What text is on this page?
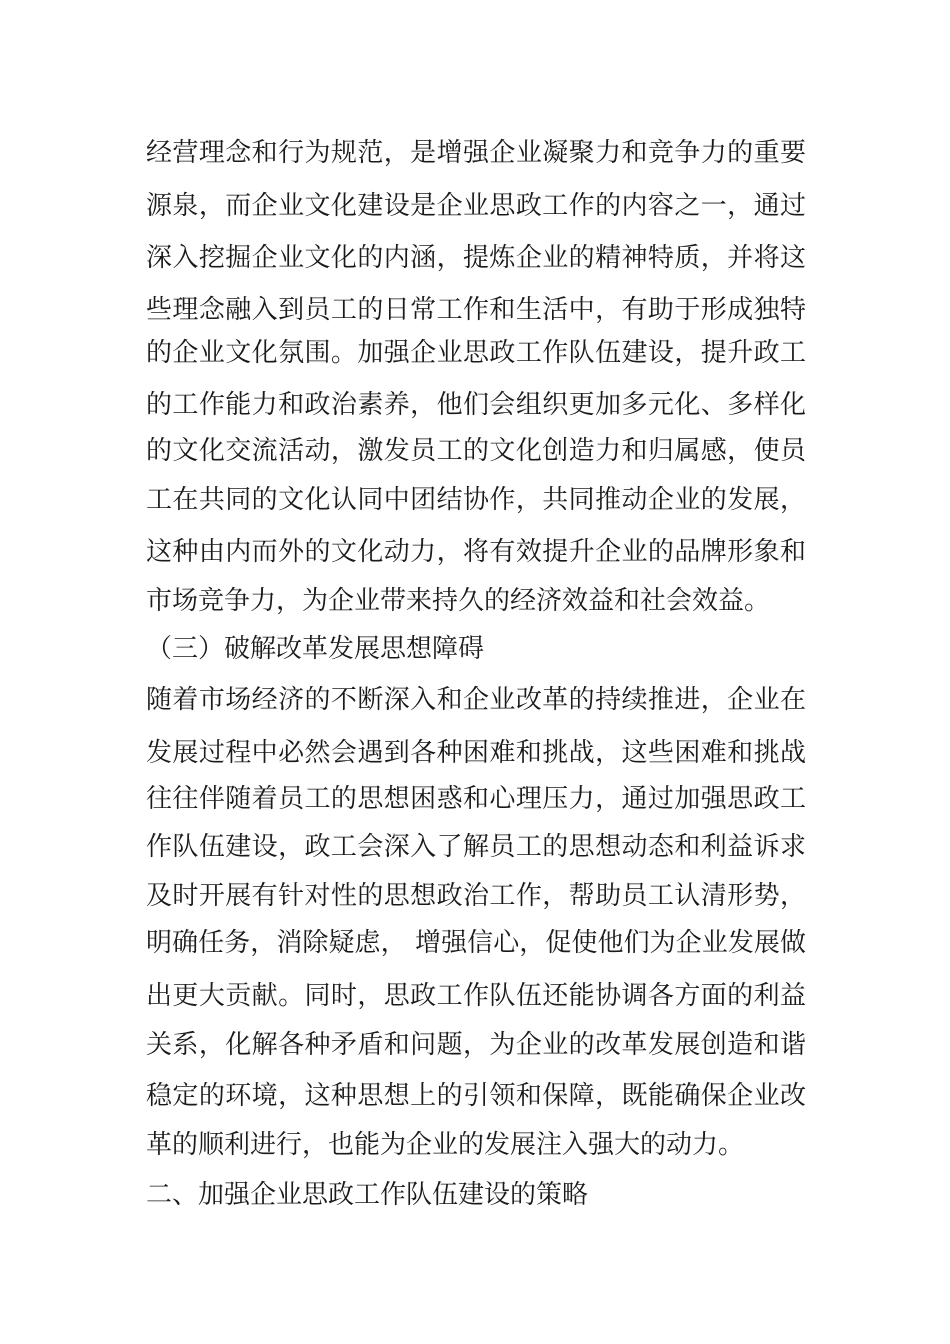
经营理念和行为规范，是增强企业凝聚力和竞争力的重要
源泉，而企业文化建设是企业思政工作的内容之一，通过
深入挖掘企业文化的内涵，提炼企业的精神特质，并将这
些理念融入到员工的日常工作和生活中，有助于形成独特
的企业文化氛围。加强企业思政工作队伍建设，提升政工
的工作能力和政治素养，他们会组织更加多元化、多样化
的文化交流活动，激发员工的文化创造力和归属感，使员
工在共同的文化认同中团结协作，共同推动企业的发展，
这种由内而外的文化动力，将有效提升企业的品牌形象和
市场竞争力，为企业带来持久的经济效益和社会效益。
（三）破解改革发展思想障碍
随着市场经济的不断深入和企业改革的持续推进，企业在
发展过程中必然会遇到各种困难和挑战，这些困难和挑战
往往伴随着员工的思想困惑和心理压力，通过加强思政工
作队伍建设，政工会深入了解员工的思想动态和利益诉求
及时开展有针对性的思想政治工作，帮助员工认清形势，
明确任务，消除疑虑， 增强信心，促使他们为企业发展做
出更大贡献。同时，思政工作队伍还能协调各方面的利益
关系，化解各种矛盾和问题，为企业的改革发展创造和谐
稳定的环境，这种思想上的引领和保障，既能确保企业改
革的顺利进行，也能为企业的发展注入强大的动力。
二、加强企业思政工作队伍建设的策略
